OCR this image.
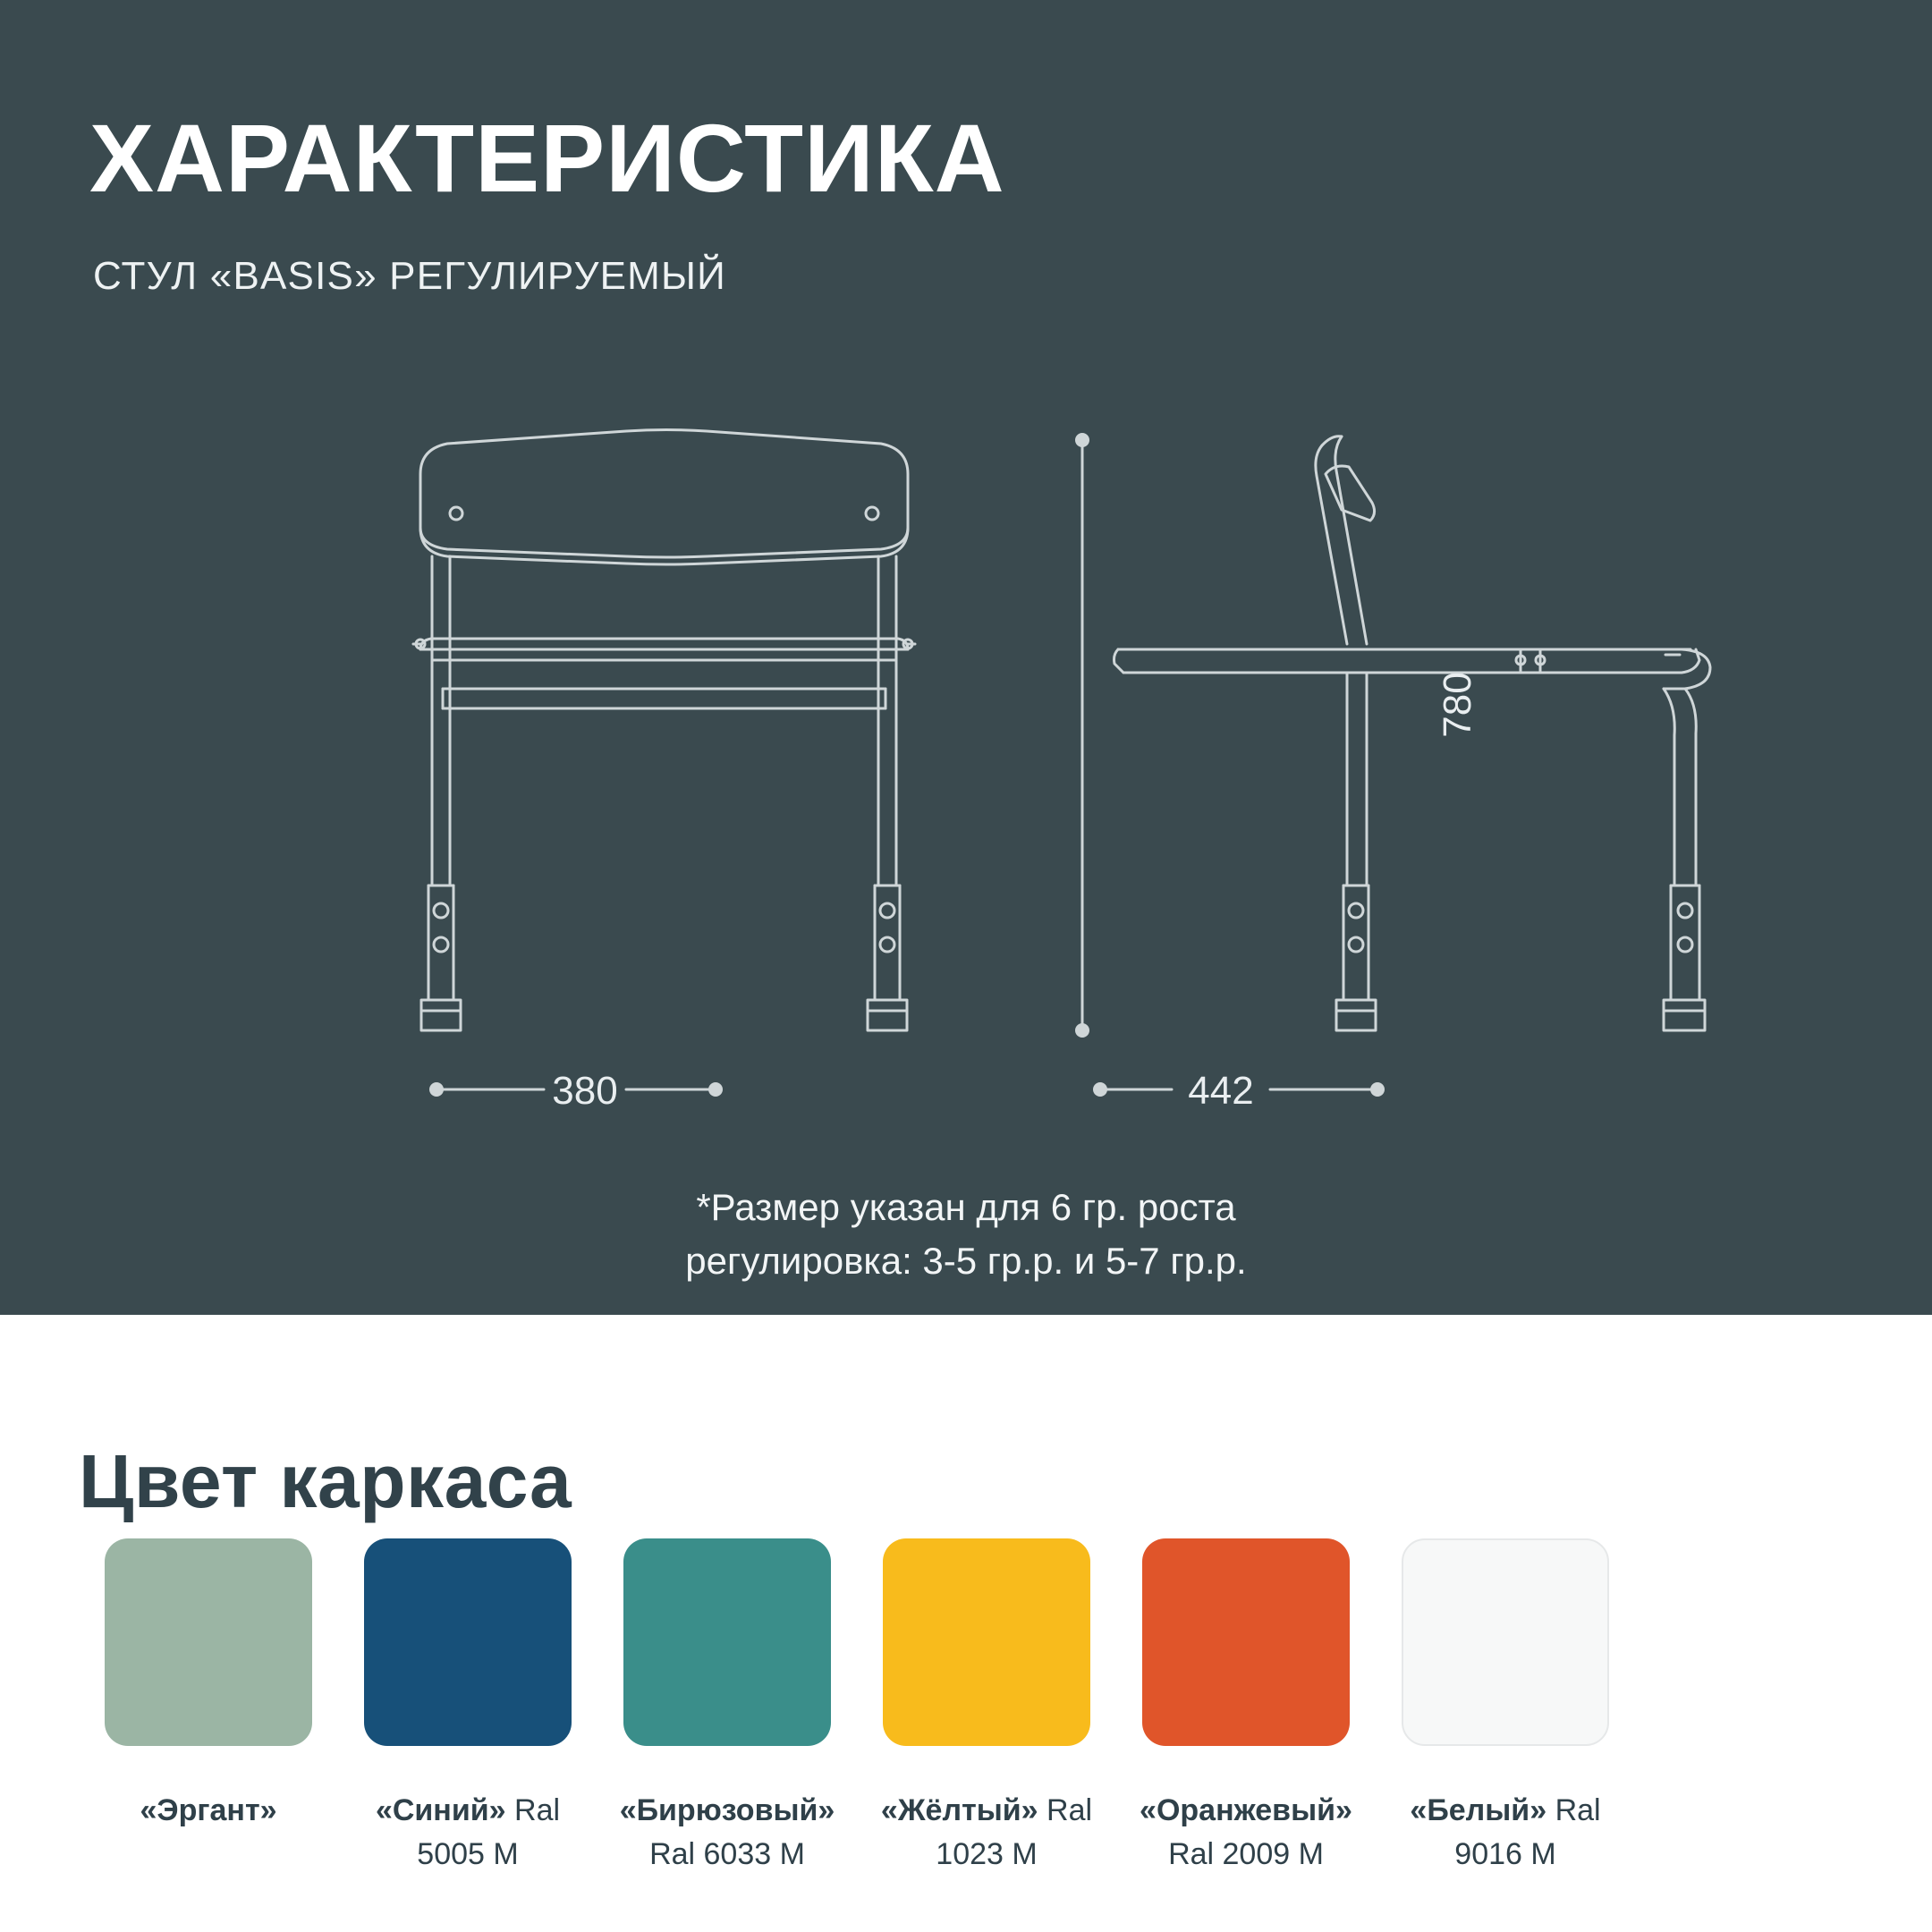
ХАРАКТЕРИСТИКА
СТУЛ «BASIS» РЕГУЛИРУЕМЫЙ
780
380	442
*Размер указан для 6 гр. роста
регулировка: 3-5 гр.р. и 5-7 гр.р.
Цвет каркаса
«Эргант»	«Синий» Ral 5005 M
«Бирюзовый» Ral 6033 M
«Жёлтый» Ral 1023 M
«Оранжевый» Ral 2009 M
«Белый» Ral 9016 M
